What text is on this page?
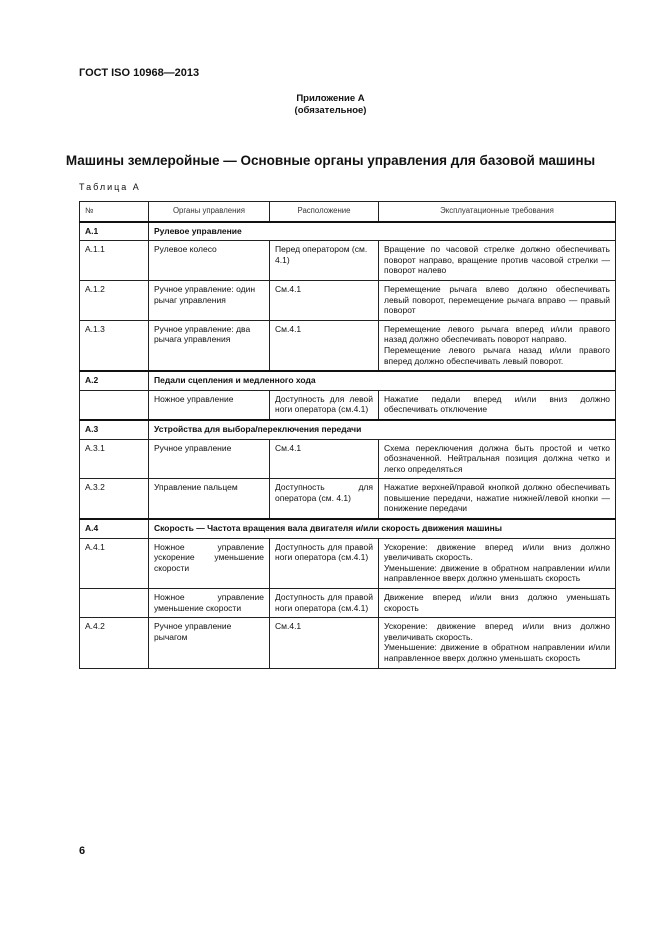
ГОСТ ISO 10968—2013
Приложение А
(обязательное)
Машины землеройные — Основные органы управления для базовой машины
Таблица А
№	Органы управления	Расположение	Эксплуатационные требования
А.1	Рулевое управление		
А.1.1	Рулевое колесо	Перед оператором (см. 4.1)	Вращение по часовой стрелке должно обеспечивать поворот направо, вращение против часовой стрелки — поворот налево
А.1.2	Ручное управление: один рычаг управления	См.4.1	Перемещение рычага влево должно обеспечивать левый поворот, перемещение рычага вправо — правый поворот
А.1.3	Ручное управление: два рычага управления	См.4.1	Перемещение левого рычага вперед и/или правого назад должно обеспечивать поворот направо.
Перемещение левого рычага назад и/или правого вперед должно обеспечивать левый поворот.

А.2	Педали сцепления и медленного хода		
	Ножное управление	Доступность для левой ноги оператора (см.4.1)	Нажатие педали вперед и/или вниз должно обеспечивать отключение
А.3	Устройства для выбора/переключения передачи		
А.3.1	Ручное управление	См.4.1	Схема переключения должна быть простой и четко обозначенной. Нейтральная позиция должна четко и легко определяться
А.3.2	Управление пальцем	Доступность для оператора (см. 4.1)	Нажатие верхней/правой кнопкой должно обеспечивать повышение передачи, нажатие нижней/левой кнопки — понижение передачи
А.4	Скорость — Частота вращения вала двигателя и/или скорость движения машины		
А.4.1	Ножное управление ускорение уменьшение скорости	Доступность для правой ноги оператора (см.4.1)	Ускорение: движение вперед и/или вниз должно увеличивать скорость.
Уменьшение: движение в обратном направлении и/или направленное вверх должно уменьшать скорость

	Ножное управление уменьшение скорости	Доступность для правой ноги оператора (см.4.1)	Движение вперед и/или вниз должно уменьшать скорость
А.4.2	Ручное управление рычагом	См.4.1	Ускорение: движение вперед и/или вниз должно увеличивать скорость.
Уменьшение: движение в обратном направлении и/или направленное вверх должно уменьшать скорость
6
